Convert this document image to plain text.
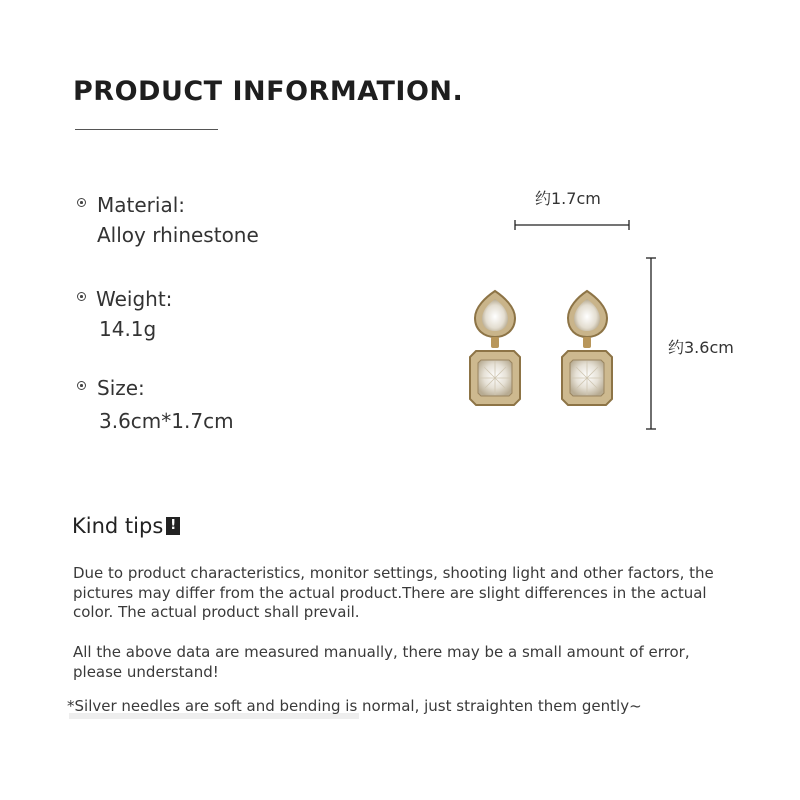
PRODUCT INFORMATION.
Material:
Alloy rhinestone
Weight:
14.1g
Size:
3.6cm*1.7cm
约1.7cm
约3.6cm
Kind tips !

Due to product characteristics, monitor settings, shooting light and other factors, the pictures may differ from the actual product.There are slight differences in the actual color. The actual product shall prevail.

All the above data are measured manually, there may be a small amount of error, please understand!

*Silver needles are soft and bending is normal, just straighten them gently~
